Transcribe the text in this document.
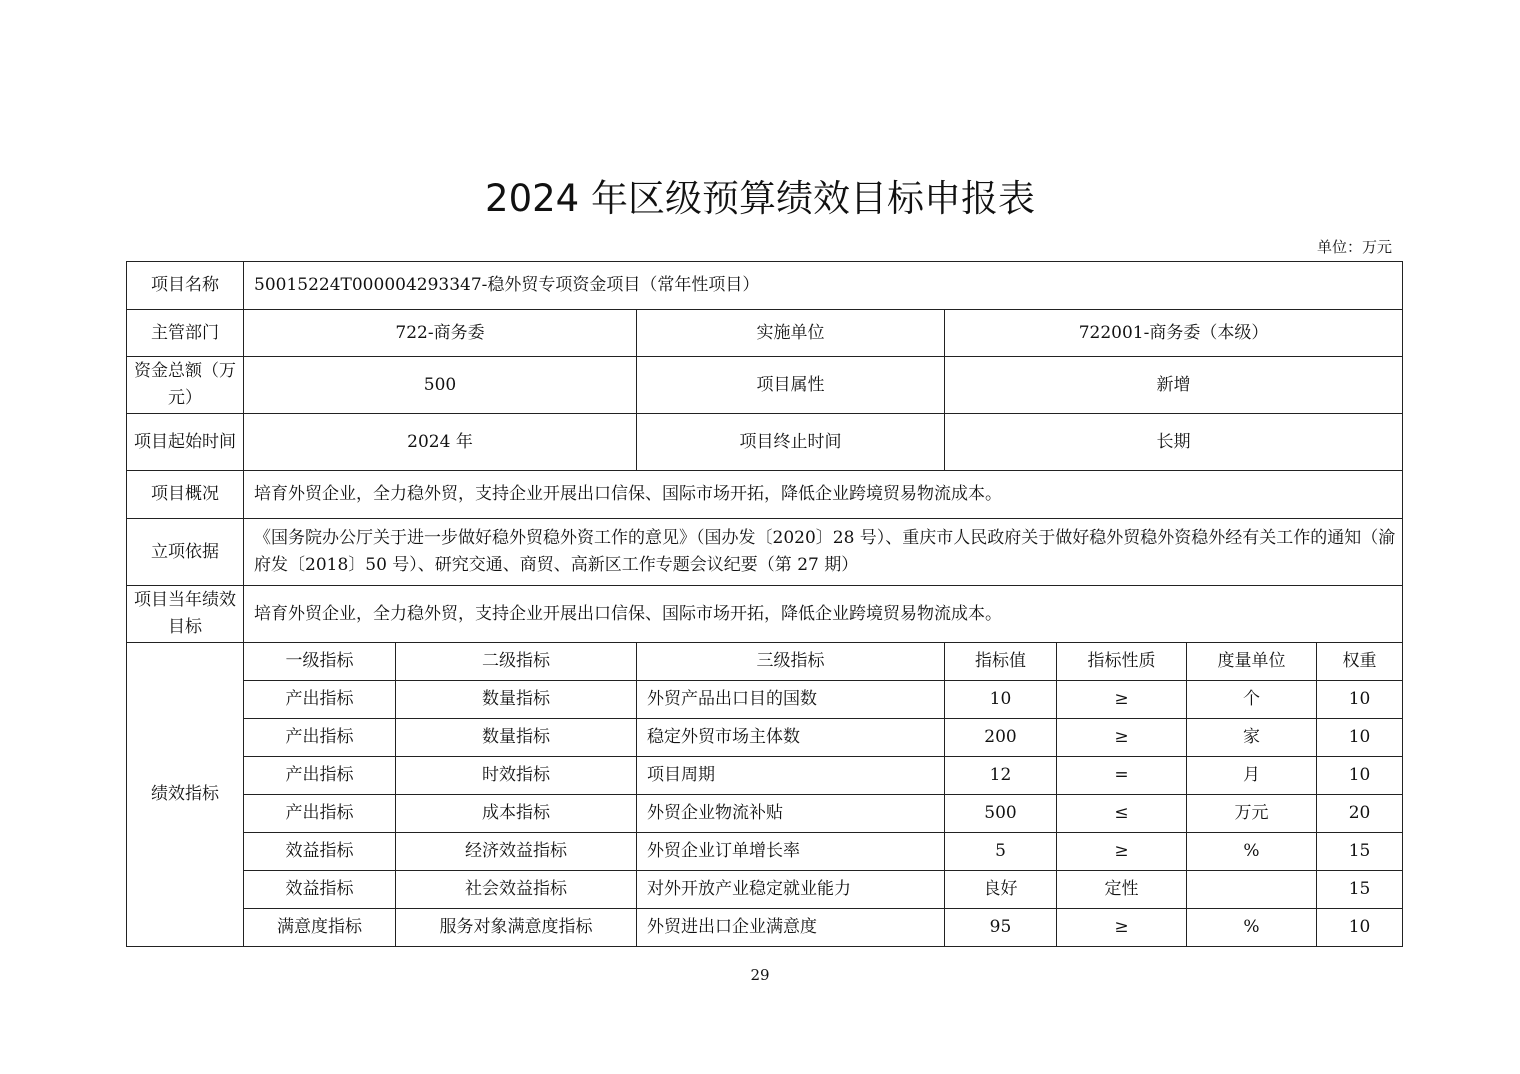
2024 年区级预算绩效目标申报表
单位：万元
项目名称	50015224T000004293347-稳外贸专项资金项目（常年性项目）						
主管部门	722-商务委		实施单位	722001-商务委（本级）			
资金总额（万元）	500		项目属性	新增			
项目起始时间	2024 年		项目终止时间	长期			
项目概况	培育外贸企业，全力稳外贸，支持企业开展出口信保、国际市场开拓，降低企业跨境贸易物流成本。						
立项依据	《国务院办公厅关于进一步做好稳外贸稳外资工作的意见》（国办发〔2020〕28 号）、重庆市人民政府关于做好稳外贸稳外资稳外经有关工作的通知（渝府发〔2018〕50 号）、研究交通、商贸、高新区工作专题会议纪要（第 27 期）						
项目当年绩效目标	培育外贸企业，全力稳外贸，支持企业开展出口信保、国际市场开拓，降低企业跨境贸易物流成本。						
绩效指标	一级指标	二级指标	三级指标	指标值	指标性质	度量单位	权重
	产出指标	数量指标	外贸产品出口目的国数	10	≥	个	10
	产出指标	数量指标	稳定外贸市场主体数	200	≥	家	10
	产出指标	时效指标	项目周期	12	=	月	10
	产出指标	成本指标	外贸企业物流补贴	500	≤	万元	20
	效益指标	经济效益指标	外贸企业订单增长率	5	≥	%	15
	效益指标	社会效益指标	对外开放产业稳定就业能力	良好	定性		15
	满意度指标	服务对象满意度指标	外贸进出口企业满意度	95	≥	%	10
29
